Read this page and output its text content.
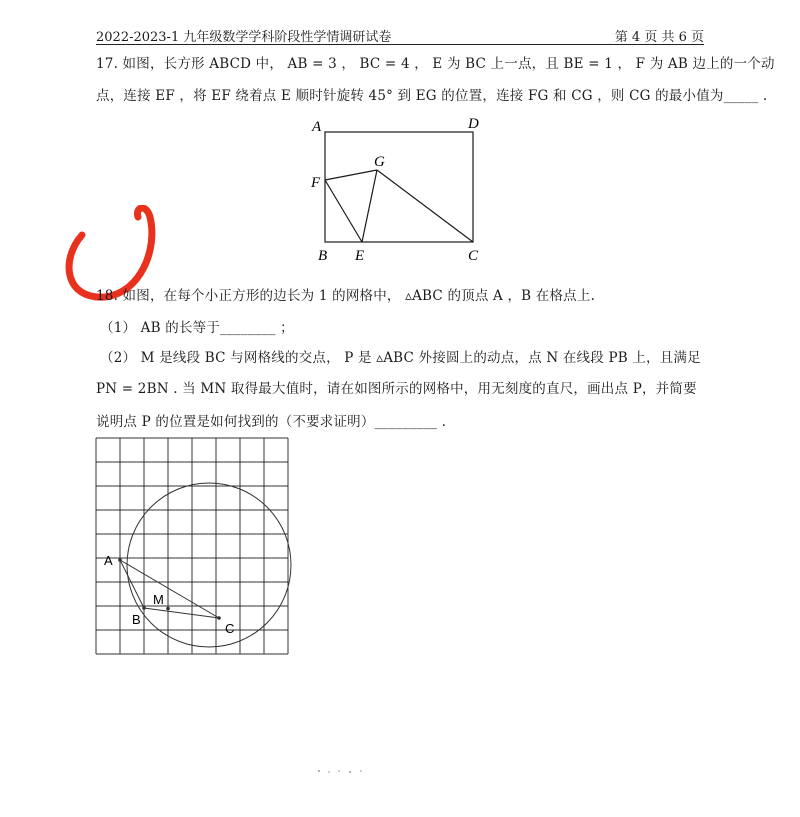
2022-2023-1 九年级数学学科阶段性学情调研试卷	第 4 页 共 6 页
17. 如图，长方形 ABCD 中， AB = 3 ， BC = 4 ， E 为 BC 上一点，且 BE = 1 ， F 为 AB 边上的一个动
点，连接 EF ，将 EF 绕着点 E 顺时针旋转 45° 到 EG 的位置，连接 FG 和 CG ，则 CG 的最小值为_____ .
A	D
G
F
B E	C
18. 如图，在每个小正方形的边长为 1 的网格中， ▵ABC 的顶点 A ，B 在格点上.
（1） AB 的长等于________ ；
（2） M 是线段 BC 与网格线的交点， P 是 ▵ABC 外接圆上的动点，点 N 在线段 PB 上，且满足
PN = 2BN . 当 MN 取得最大值时，请在如图所示的网格中，用无刻度的直尺，画出点 P，并简要
说明点 P 的位置是如何找到的（不要求证明）_________ .
A
B
M
C
